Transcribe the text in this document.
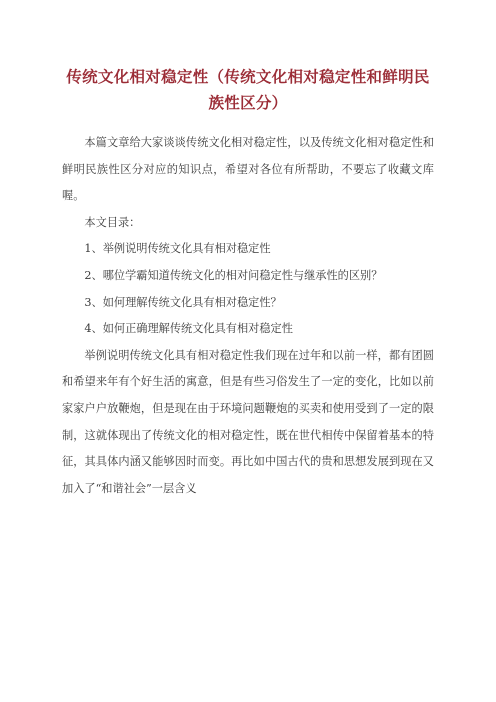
传统文化相对稳定性（传统文化相对稳定性和鲜明民族性区分）

本篇文章给大家谈谈传统文化相对稳定性，以及传统文化相对稳定性和鲜明民族性区分对应的知识点，希望对各位有所帮助，不要忘了收藏文库喔。

本文目录：

1、举例说明传统文化具有相对稳定性

2、哪位学霸知道传统文化的相对问稳定性与继承性的区别？

3、如何理解传统文化具有相对稳定性？

4、如何正确理解传统文化具有相对稳定性

举例说明传统文化具有相对稳定性我们现在过年和以前一样，都有团圆和希望来年有个好生活的寓意，但是有些习俗发生了一定的变化，比如以前家家户户放鞭炮，但是现在由于环境问题鞭炮的买卖和使用受到了一定的限制，这就体现出了传统文化的相对稳定性，既在世代相传中保留着基本的特征，其具体内涵又能够因时而变。再比如中国古代的贵和思想发展到现在又加入了“和谐社会”一层含义
